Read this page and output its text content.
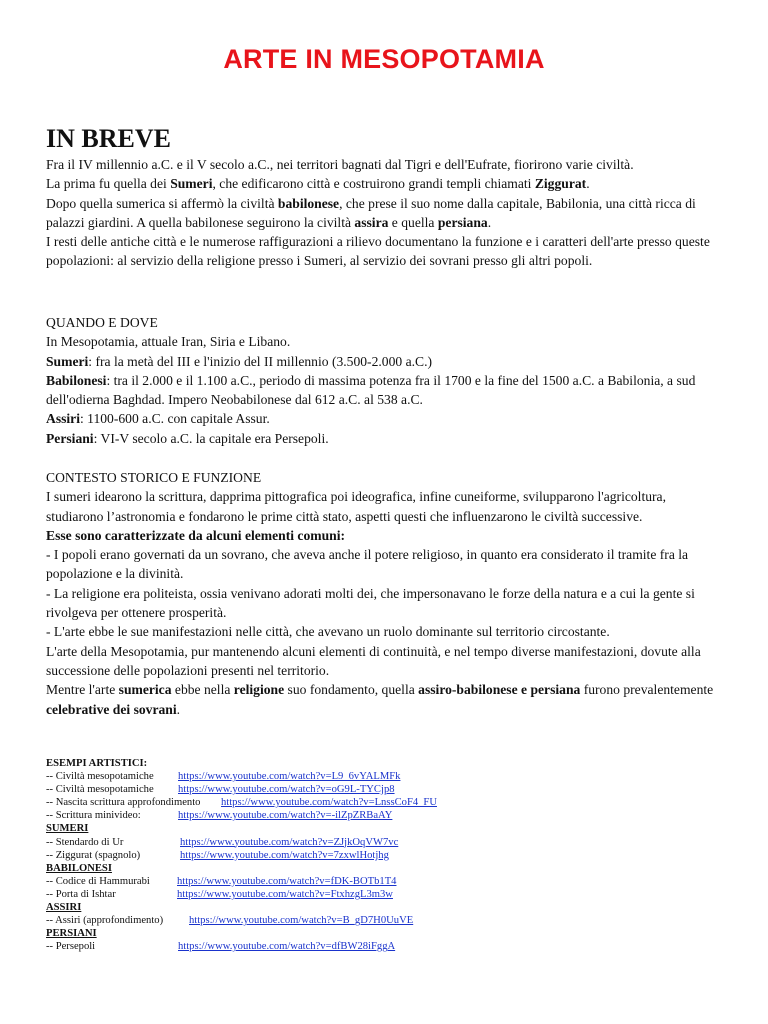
ARTE IN MESOPOTAMIA
IN BREVE

Fra il IV millennio a.C. e il V secolo a.C., nei territori bagnati dal Tigri e dell'Eufrate, fiorirono varie civiltà.

La prima fu quella dei Sumeri, che edificarono città e costruirono grandi templi chiamati Ziggurat.

Dopo quella sumerica si affermò la civiltà babilonese, che prese il suo nome dalla capitale, Babilonia, una città ricca di palazzi giardini. A quella babilonese seguirono la civiltà assira e quella persiana.

I resti delle antiche città e le numerose raffigurazioni a rilievo documentano la funzione e i caratteri dell'arte presso queste popolazioni: al servizio della religione presso i Sumeri, al servizio dei sovrani presso gli altri popoli.

QUANDO E DOVE

In Mesopotamia, attuale Iran, Siria e Libano.

Sumeri: fra la metà del III e l'inizio del II millennio (3.500-2.000 a.C.)

Babilonesi: tra il 2.000 e il 1.100 a.C., periodo di massima potenza fra il 1700 e la fine del 1500 a.C. a Babilonia, a sud dell'odierna Baghdad. Impero Neobabilonese dal 612 a.C. al 538 a.C.

Assiri: 1100-600 a.C. con capitale Assur.

Persiani: VI-V secolo a.C. la capitale era Persepoli.

CONTESTO STORICO E FUNZIONE

I sumeri idearono la scrittura, dapprima pittografica poi ideografica, infine cuneiforme, svilupparono l'agricoltura, studiarono l’astronomia e fondarono le prime città stato, aspetti questi che influenzarono le civiltà successive.

Esse sono caratterizzate da alcuni elementi comuni:

- I popoli erano governati da un sovrano, che aveva anche il potere religioso, in quanto era considerato il tramite fra la popolazione e la divinità.

- La religione era politeista, ossia venivano adorati molti dei, che impersonavano le forze della natura e a cui la gente si rivolgeva per ottenere prosperità.

- L'arte ebbe le sue manifestazioni nelle città, che avevano un ruolo dominante sul territorio circostante.

L'arte della Mesopotamia, pur mantenendo alcuni elementi di continuità, e nel tempo diverse manifestazioni, dovute alla successione delle popolazioni presenti nel territorio.

Mentre l'arte sumerica ebbe nella religione suo fondamento, quella assiro-babilonese e persiana furono prevalentemente celebrative dei sovrani.

ESEMPI ARTISTICI:
-- Civiltà mesopotamiche https://www.youtube.com/watch?v=L9_6vYALMFk
-- Civiltà mesopotamiche https://www.youtube.com/watch?v=oG9L-TYCjp8
-- Nascita scrittura approfondimento https://www.youtube.com/watch?v=LnssCoF4_FU
-- Scrittura minivideo:	https://www.youtube.com/watch?v=-ilZpZRBaAY
SUMERI
-- Stendardo di Ur	https://www.youtube.com/watch?v=ZJjkOqVW7vc
-- Ziggurat (spagnolo)	https://www.youtube.com/watch?v=7zxwlHotjhg
BABILONESI
-- Codice di Hammurabi	https://www.youtube.com/watch?v=fDK-BOTb1T4
-- Porta di Ishtar	https://www.youtube.com/watch?v=FtxhzgL3m3w
ASSIRI
-- Assiri (approfondimento) https://www.youtube.com/watch?v=B_gD7H0UuVE
PERSIANI
-- Persepoli	https://www.youtube.com/watch?v=dfBW28iFggA
